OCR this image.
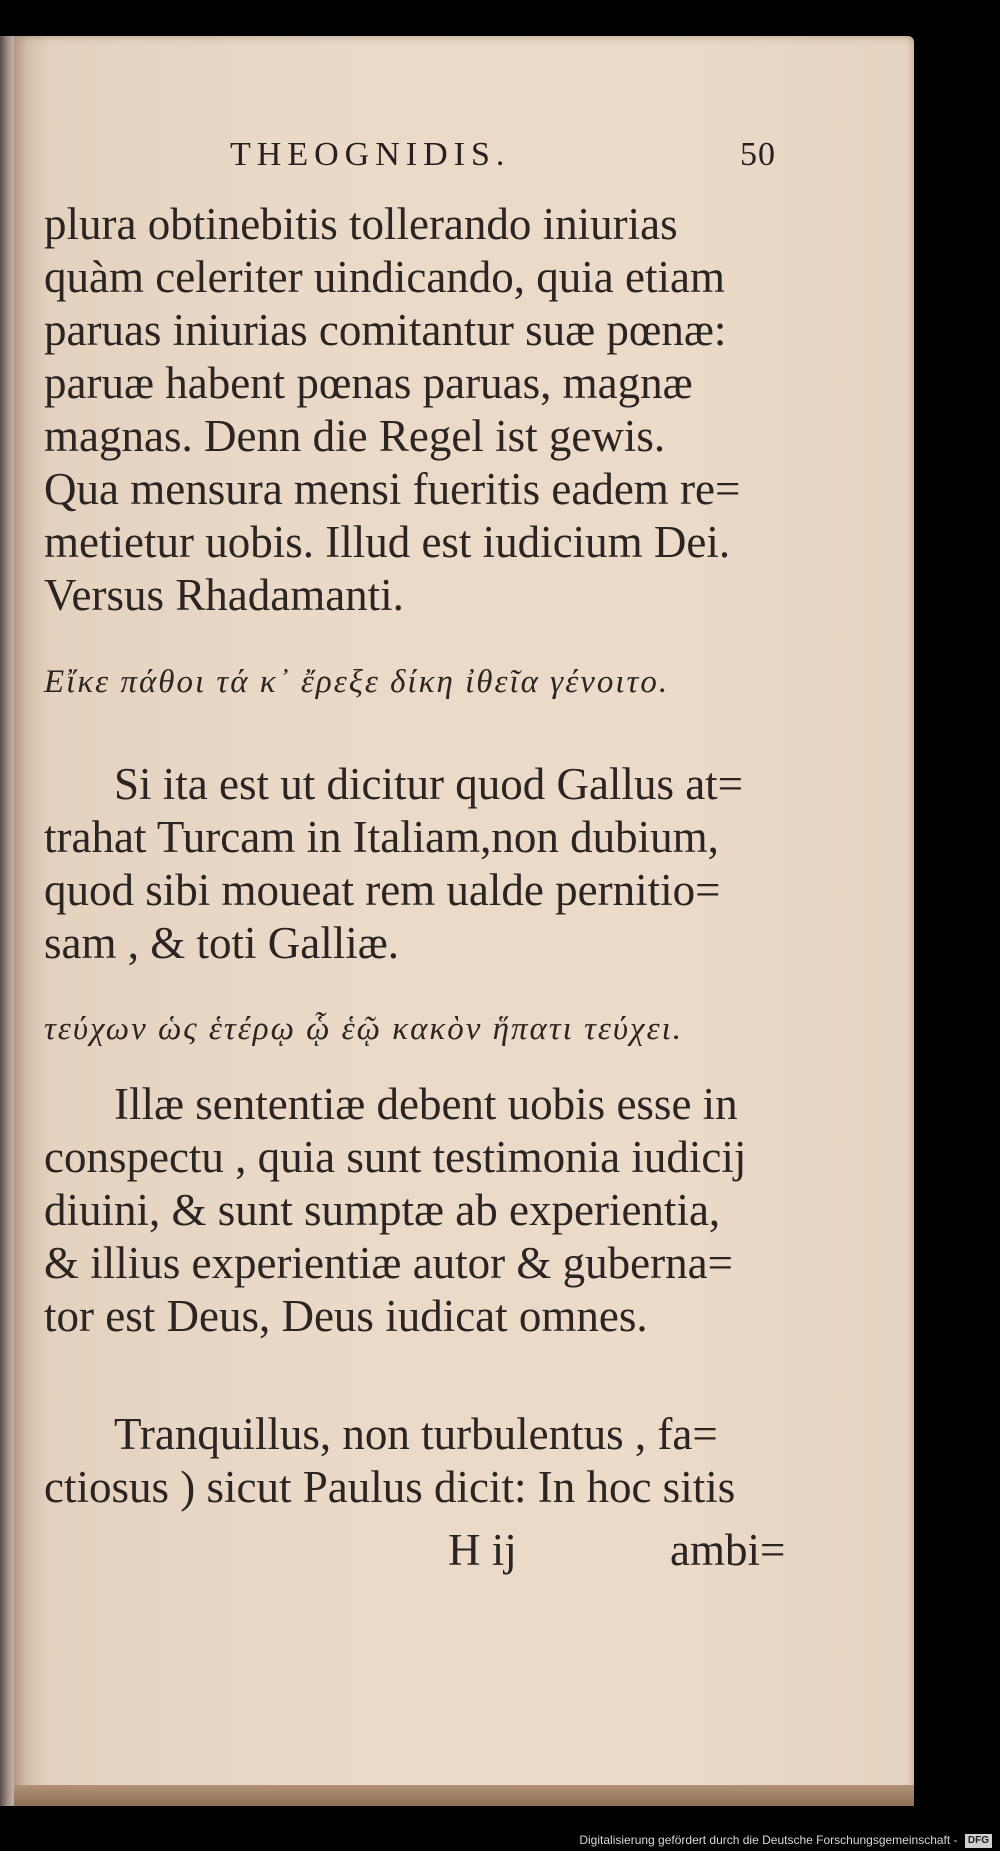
THEOGNIDIS.	50
plura obtinebitis tollerando iniurias
quàm celeriter uindicando, quia etiam
paruas iniurias comitantur suæ pœnæ:
paruæ habent pœnas paruas, magnæ
magnas. Denn die Regel ist gewis.
Qua mensura mensi fueritis eadem re=
metietur uobis. Illud est iudicium Dei.
Versus Rhadamanti.
Εἴκε πάθοι τά κ᾽ ἔρεξε δίκη ἰθεῖα γένοιτο.
Si ita est ut dicitur quod Gallus at=
trahat Turcam in Italiam,non dubium,
quod sibi moueat rem ualde pernitio=
sam , & toti Galliæ.
τεύχων ὡς ἑτέρῳ ᾧ ἑῷ κακὸν ἥπατι τεύχει.
Illæ sententiæ debent uobis esse in
conspectu , quia sunt testimonia iudicij
diuini, & sunt sumptæ ab experientia,
& illius experientiæ autor & guberna=
tor est Deus, Deus iudicat omnes.
Tranquillus, non turbulentus , fa=
ctiosus ) sicut Paulus dicit: In hoc sitis
H ij	ambi=
Digitalisierung gefördert durch die Deutsche Forschungsgemeinschaft - DFG
